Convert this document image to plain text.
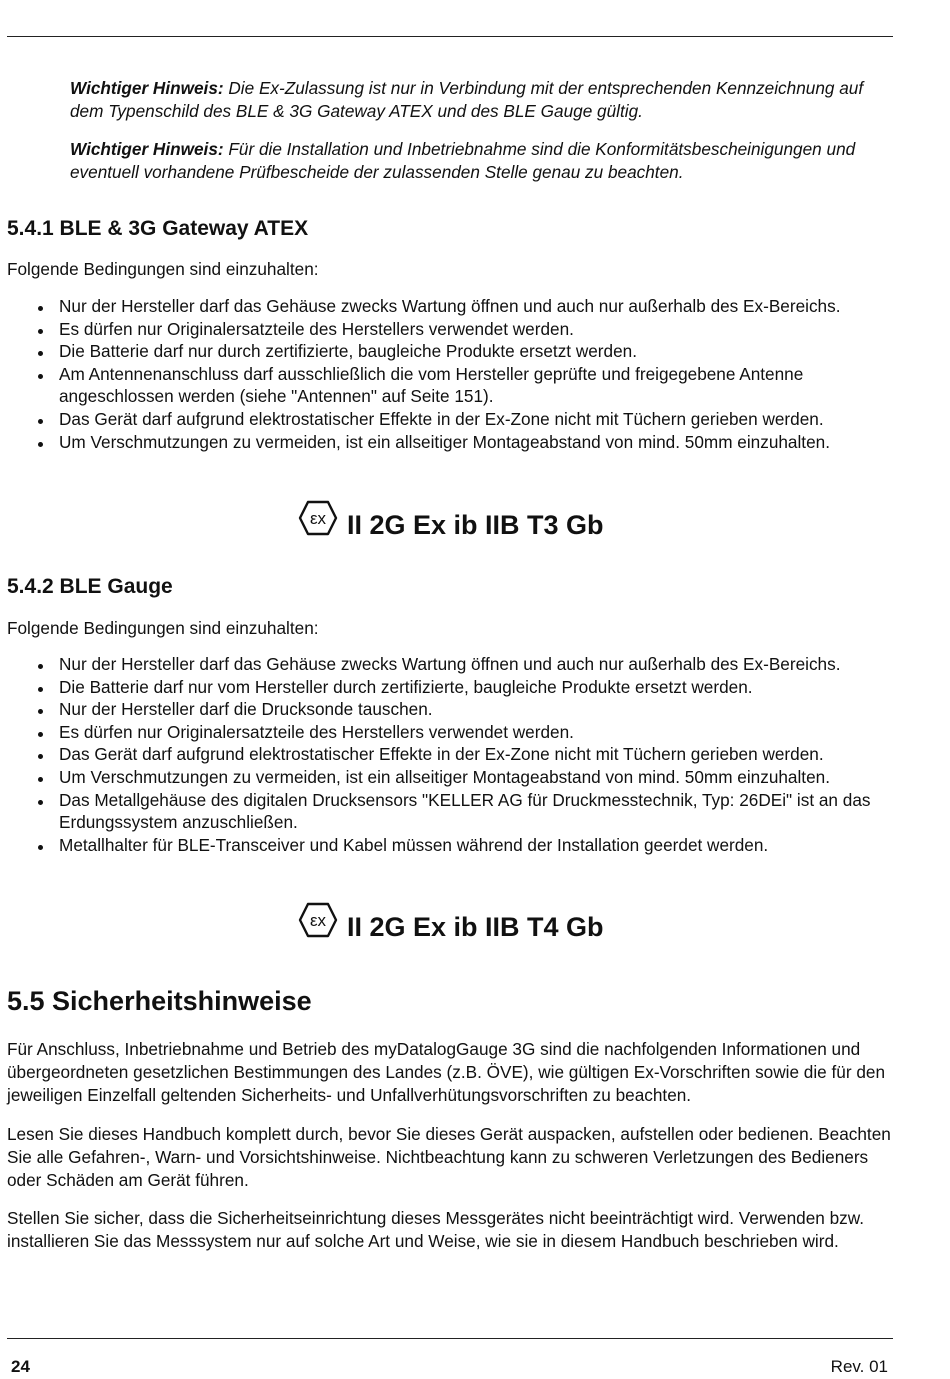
Wichtiger Hinweis: Die Ex-Zulassung ist nur in Verbindung mit der entsprechenden Kennzeichnung auf dem Typenschild des BLE & 3G Gateway ATEX und des BLE Gauge gültig.

Wichtiger Hinweis: Für die Installation und Inbetriebnahme sind die Konformitätsbescheinigungen und eventuell vorhandene Prüfbescheide der zulassenden Stelle genau zu beachten.

5.4.1 BLE & 3G Gateway ATEX

Folgende Bedingungen sind einzuhalten:

Nur der Hersteller darf das Gehäuse zwecks Wartung öffnen und auch nur außerhalb des Ex-Bereichs.
Es dürfen nur Originalersatzteile des Herstellers verwendet werden.
Die Batterie darf nur durch zertifizierte, baugleiche Produkte ersetzt werden.
Am Antennenanschluss darf ausschließlich die vom Hersteller geprüfte und freigegebene Antenne angeschlossen werden (siehe "Antennen" auf Seite 151).
Das Gerät darf aufgrund elektrostatischer Effekte in der Ex-Zone nicht mit Tüchern gerieben werden.
Um Verschmutzungen zu vermeiden, ist ein allseitiger Montageabstand von mind. 50mm einzuhalten.
εx II 2G Ex ib IIB T3 Gb
5.4.2 BLE Gauge

Folgende Bedingungen sind einzuhalten:

Nur der Hersteller darf das Gehäuse zwecks Wartung öffnen und auch nur außerhalb des Ex-Bereichs.
Die Batterie darf nur vom Hersteller durch zertifizierte, baugleiche Produkte ersetzt werden.
Nur der Hersteller darf die Drucksonde tauschen.
Es dürfen nur Originalersatzteile des Herstellers verwendet werden.
Das Gerät darf aufgrund elektrostatischer Effekte in der Ex-Zone nicht mit Tüchern gerieben werden.
Um Verschmutzungen zu vermeiden, ist ein allseitiger Montageabstand von mind. 50mm einzuhalten.
Das Metallgehäuse des digitalen Drucksensors "KELLER AG für Druckmesstechnik, Typ: 26DEi" ist an das Erdungssystem anzuschließen.
Metallhalter für BLE-Transceiver und Kabel müssen während der Installation geerdet werden.
εx II 2G Ex ib IIB T4 Gb
5.5 Sicherheitshinweise

Für Anschluss, Inbetriebnahme und Betrieb des myDatalogGauge 3G sind die nachfolgenden Informationen und übergeordneten gesetzlichen Bestimmungen des Landes (z.B. ÖVE), wie gültigen Ex-Vorschriften sowie die für den jeweiligen Einzelfall geltenden Sicherheits- und Unfallverhütungsvorschriften zu beachten.

Lesen Sie dieses Handbuch komplett durch, bevor Sie dieses Gerät auspacken, aufstellen oder bedienen. Beachten Sie alle Gefahren-, Warn- und Vorsichtshinweise. Nichtbeachtung kann zu schweren Verletzungen des Bedieners oder Schäden am Gerät führen.

Stellen Sie sicher, dass die Sicherheitseinrichtung dieses Messgerätes nicht beeinträchtigt wird. Verwenden bzw. installieren Sie das Messsystem nur auf solche Art und Weise, wie sie in diesem Handbuch beschrieben wird.

24	Rev. 01
